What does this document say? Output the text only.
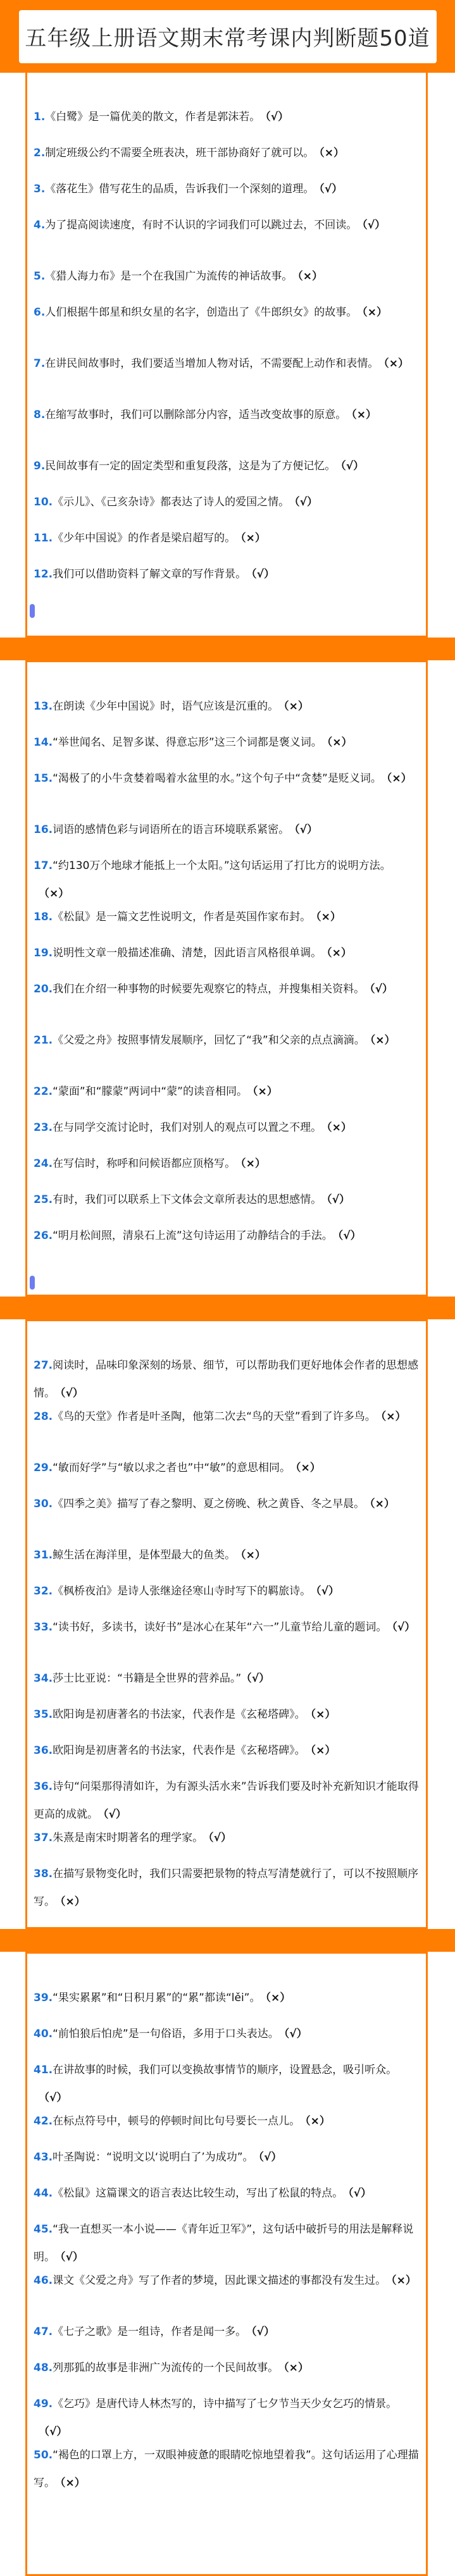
五年级上册语文期末常考课内判断题50道

1.《白鹭》是一篇优美的散文，作者是郭沫若。 （√）

2.制定班级公约不需要全班表决，班干部协商好了就可以。 （×）

3.《落花生》借写花生的品质，告诉我们一个深刻的道理。 （√）

4.为了提高阅读速度，有时不认识的字词我们可以跳过去，不回读。 （√）

5.《猎人海力布》是一个在我国广为流传的神话故事。 （×）

6.人们根据牛郎星和织女星的名字，创造出了《牛郎织女》的故事。 （×）

7.在讲民间故事时，我们要适当增加人物对话，不需要配上动作和表情。 （×）

8.在缩写故事时，我们可以删除部分内容，适当改变故事的原意。 （×）

9.民间故事有一定的固定类型和重复段落，这是为了方便记忆。 （√）

10.《示儿》、《己亥杂诗》都表达了诗人的爱国之情。 （√）

11.《少年中国说》的作者是梁启超写的。 （×）

12.我们可以借助资料了解文章的写作背景。 （√）

13.在朗读《少年中国说》时，语气应该是沉重的。 （×）

14.“举世闻名、足智多谋、得意忘形”这三个词都是褒义词。 （×）

15.“渴极了的小牛贪婪着喝着水盆里的水。”这个句子中“贪婪”是贬义词。 （×）

16.词语的感情色彩与词语所在的语言环境联系紧密。 （√）

17.“约130万个地球才能抵上一个太阳。”这句话运用了打比方的说明方法。（×）

18.《松鼠》是一篇文艺性说明文，作者是英国作家布封。 （×）

19.说明性文章一般描述准确、清楚，因此语言风格很单调。 （×）

20.我们在介绍一种事物的时候要先观察它的特点，并搜集相关资料。 （√）

21.《父爱之舟》按照事情发展顺序，回忆了“我”和父亲的点点滴滴。 （×）

22.“蒙面”和“朦蒙”两词中“蒙”的读音相同。 （×）

23.在与同学交流讨论时，我们对别人的观点可以置之不理。 （×）

24.在写信时，称呼和问候语都应顶格写。 （×）

25.有时，我们可以联系上下文体会文章所表达的思想感情。 （√）

26.“明月松间照，清泉石上流”这句诗运用了动静结合的手法。 （√）

27.阅读时，品味印象深刻的场景、细节，可以帮助我们更好地体会作者的思想感情。 （√）

28.《鸟的天堂》作者是叶圣陶，他第二次去“鸟的天堂”看到了许多鸟。 （×）

29.“敏而好学”与“敏以求之者也”中“敏”的意思相同。 （×）

30.《四季之美》描写了春之黎明、夏之傍晚、秋之黄昏、冬之早晨。 （×）

31.鲸生活在海洋里，是体型最大的鱼类。 （×）

32.《枫桥夜泊》是诗人张继途径寒山寺时写下的羁旅诗。 （√）

33.“读书好，多读书，读好书”是冰心在某年“六一”儿童节给儿童的题词。 （√）

34.莎士比亚说：“书籍是全世界的营养品。” （√）

35.欧阳询是初唐著名的书法家，代表作是《玄秘塔碑》。 （×）

36.欧阳询是初唐著名的书法家，代表作是《玄秘塔碑》。 （×）

36.诗句“问渠那得清如许，为有源头活水来”告诉我们要及时补充新知识才能取得更高的成就。 （√）

37.朱熹是南宋时期著名的理学家。 （√）

38.在描写景物变化时，我们只需要把景物的特点写清楚就行了，可以不按照顺序写。 （×）

39.“果实累累”和“日积月累”的“累”都读“lěi”。 （×）

40.“前怕狼后怕虎”是一句俗语，多用于口头表达。 （√）

41.在讲故事的时候，我们可以变换故事情节的顺序，设置悬念，吸引听众。（√）

42.在标点符号中，顿号的停顿时间比句号要长一点儿。 （×）

43.叶圣陶说：“说明文以‘说明白了’为成功”。 （√）

44.《松鼠》这篇课文的语言表达比较生动，写出了松鼠的特点。 （√）

45.“我一直想买一本小说——《青年近卫军》”，这句话中破折号的用法是解释说明。 （√）

46.课文《父爱之舟》写了作者的梦境，因此课文描述的事都没有发生过。 （×）

47.《七子之歌》是一组诗，作者是闻一多。 （√）

48.列那狐的故事是非洲广为流传的一个民间故事。 （×）

49.《乞巧》是唐代诗人林杰写的，诗中描写了七夕节当天少女乞巧的情景。（√）

50.“褐色的口罩上方，一双眼神疲惫的眼睛吃惊地望着我”。这句话运用了心理描写。 （×）
